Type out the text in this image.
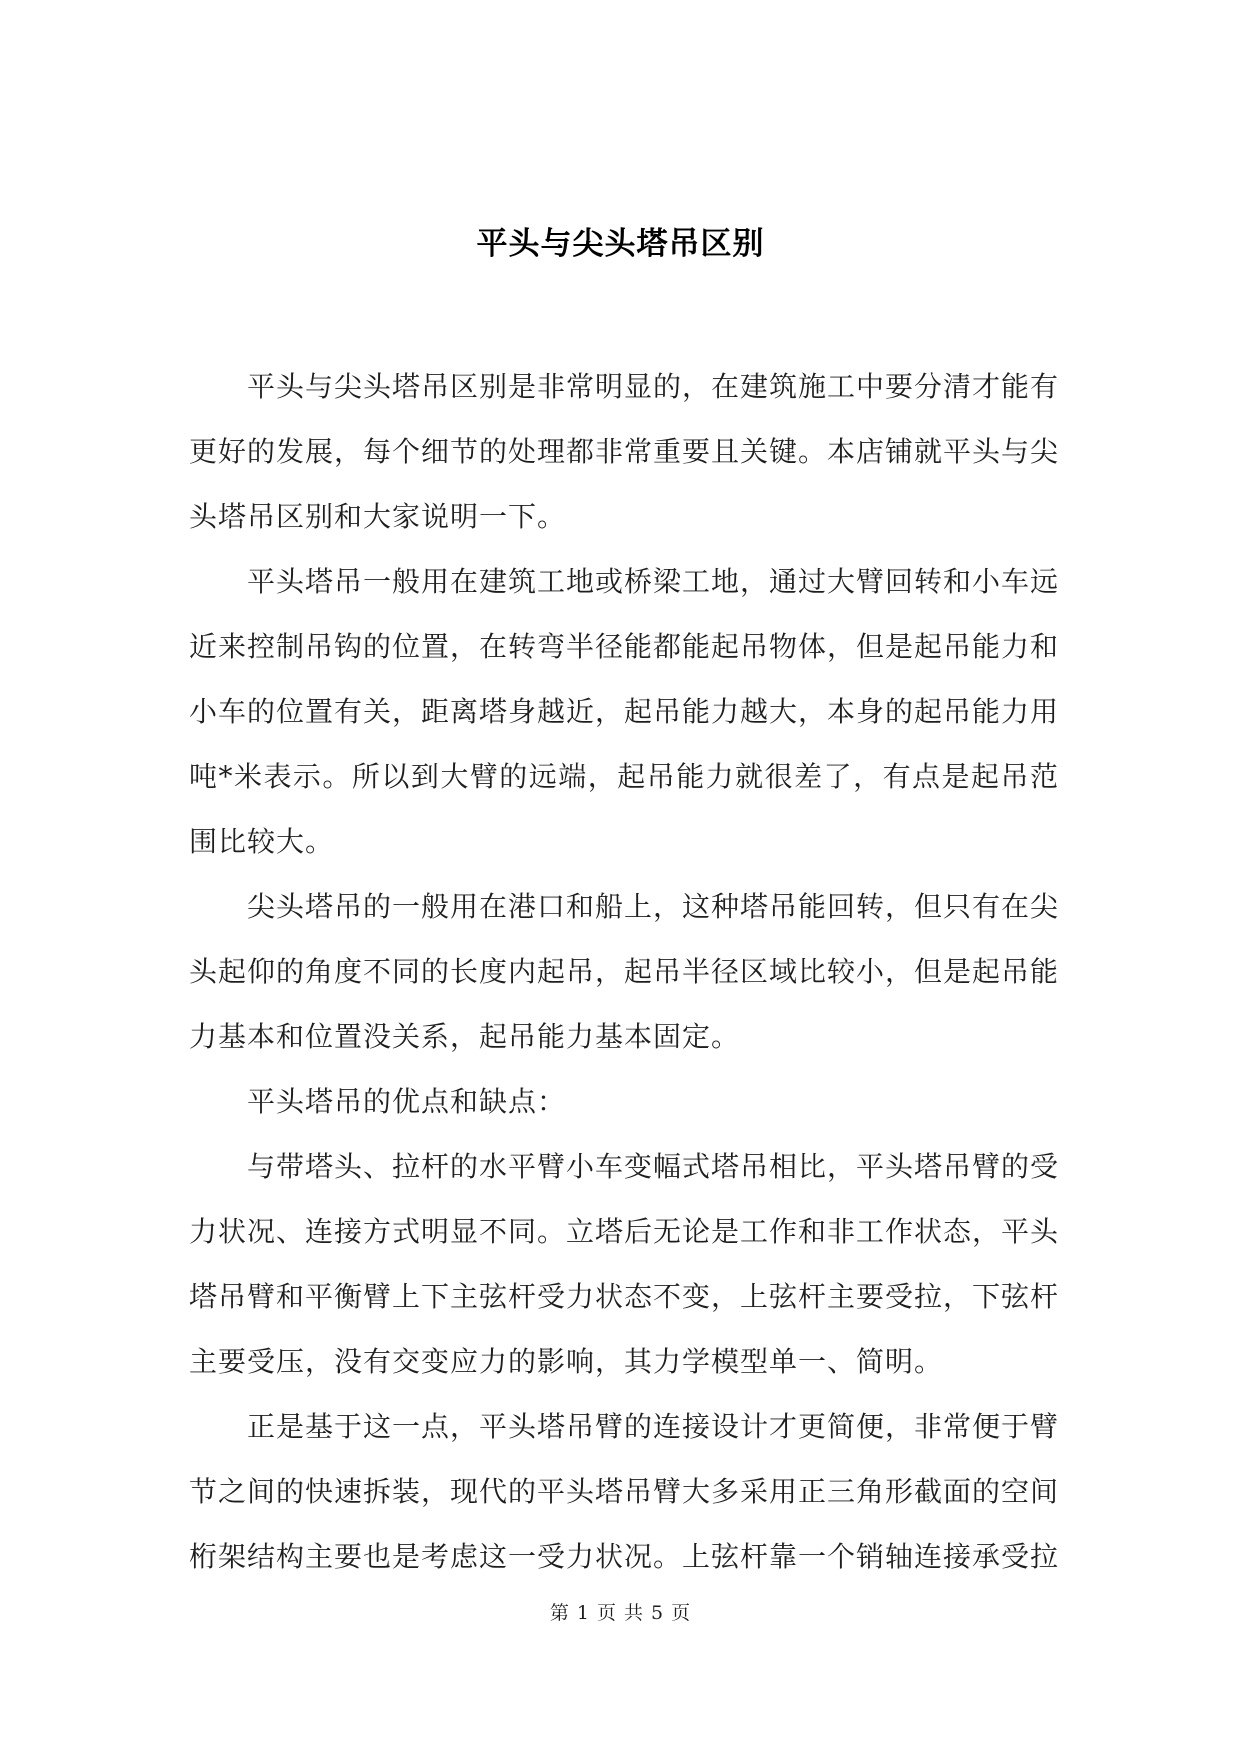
平头与尖头塔吊区别

平头与尖头塔吊区别是非常明显的，在建筑施工中要分清才能有更好的发展，每个细节的处理都非常重要且关键。本店铺就平头与尖头塔吊区别和大家说明一下。

平头塔吊一般用在建筑工地或桥梁工地，通过大臂回转和小车远近来控制吊钩的位置，在转弯半径能都能起吊物体，但是起吊能力和小车的位置有关，距离塔身越近，起吊能力越大，本身的起吊能力用吨*米表示。所以到大臂的远端，起吊能力就很差了，有点是起吊范围比较大。

尖头塔吊的一般用在港口和船上，这种塔吊能回转，但只有在尖头起仰的角度不同的长度内起吊，起吊半径区域比较小，但是起吊能力基本和位置没关系，起吊能力基本固定。

平头塔吊的优点和缺点：

与带塔头、拉杆的水平臂小车变幅式塔吊相比，平头塔吊臂的受力状况、连接方式明显不同。立塔后无论是工作和非工作状态，平头塔吊臂和平衡臂上下主弦杆受力状态不变，上弦杆主要受拉，下弦杆主要受压，没有交变应力的影响，其力学模型单一、简明。

正是基于这一点，平头塔吊臂的连接设计才更简便，非常便于臂节之间的快速拆装，现代的平头塔吊臂大多采用正三角形截面的空间桁架结构主要也是考虑这一受力状况。上弦杆靠一个销轴连接承受拉

第 1 页 共 5 页
